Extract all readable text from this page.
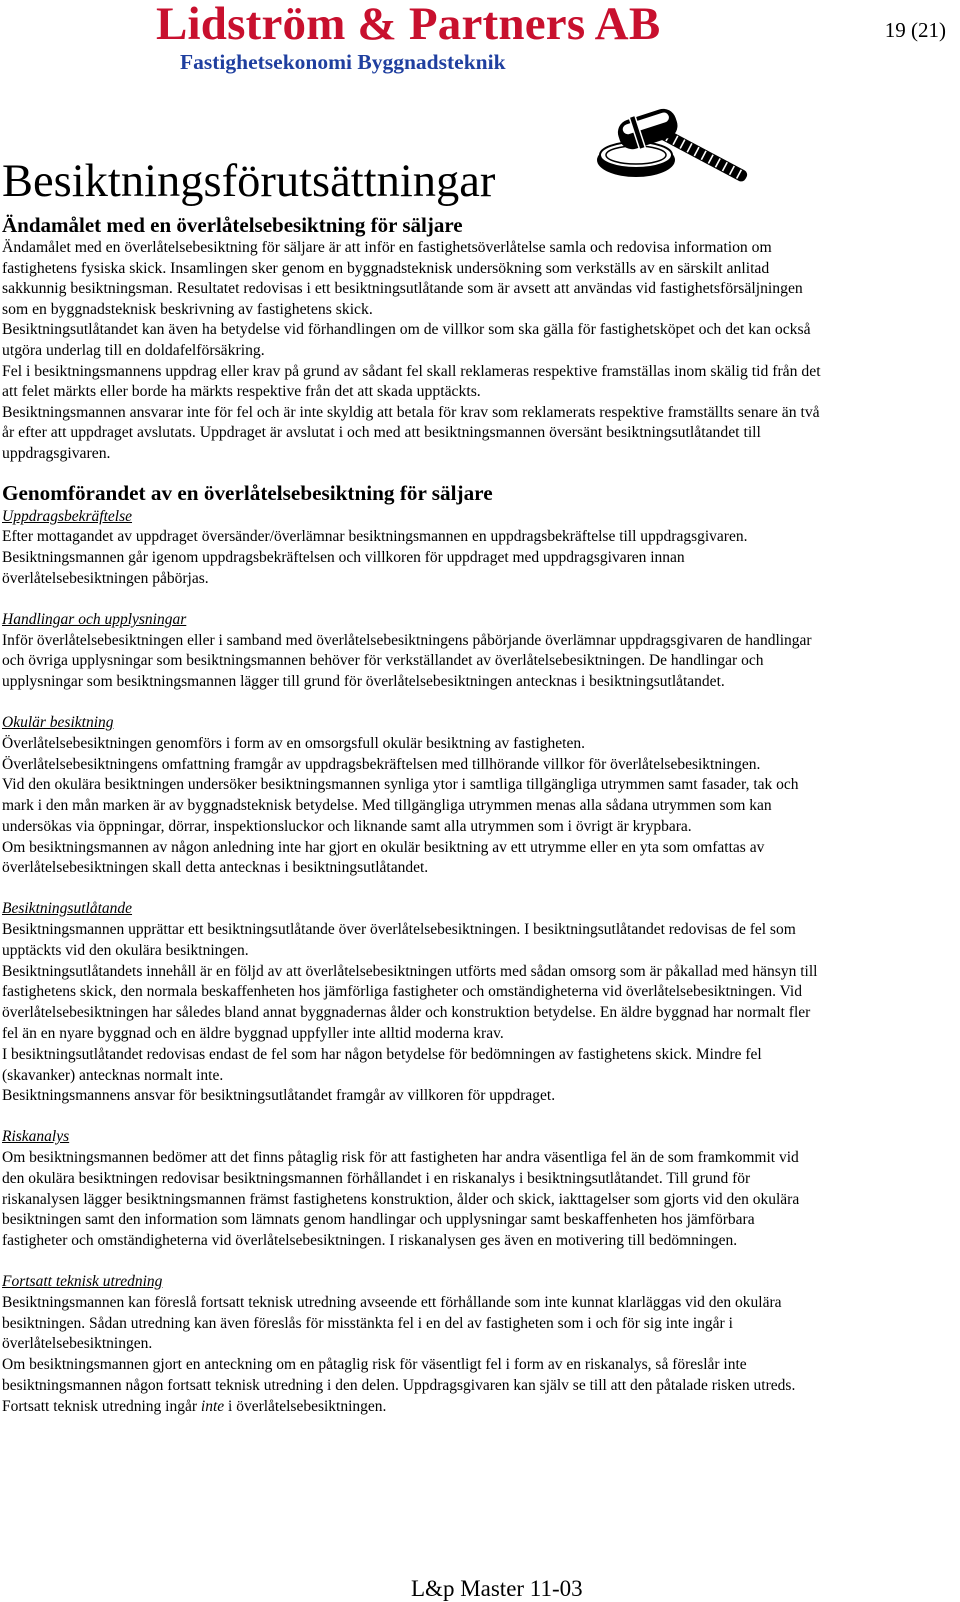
Lidström & Partners AB
Fastighetsekonomi Byggnadsteknik
19 (21)
Besiktningsförutsättningar
Ändamålet med en överlåtelsebesiktning för säljare
Ändamålet med en överlåtelsebesiktning för säljare är att inför en fastighetsöverlåtelse samla och redovisa information om fastighetens fysiska skick. Insamlingen sker genom en byggnadsteknisk undersökning som verkställs av en särskilt anlitad sakkunnig besiktningsman. Resultatet redovisas i ett besiktningsutlåtande som är avsett att användas vid fastighetsförsäljningen som en byggnadsteknisk beskrivning av fastighetens skick.
Besiktningsutlåtandet kan även ha betydelse vid förhandlingen om de villkor som ska gälla för fastighetsköpet och det kan också utgöra underlag till en doldafelförsäkring.
Fel i besiktningsmannens uppdrag eller krav på grund av sådant fel skall reklameras respektive framställas inom skälig tid från det att felet märkts eller borde ha märkts respektive från det att skada upptäckts.
Besiktningsmannen ansvarar inte för fel och är inte skyldig att betala för krav som reklamerats respektive framställts senare än två år efter att uppdraget avslutats. Uppdraget är avslutat i och med att besiktningsmannen översänt besiktningsutlåtandet till uppdragsgivaren.
Genomförandet av en överlåtelsebesiktning för säljare
Uppdragsbekräftelse
Efter mottagandet av uppdraget översänder/överlämnar besiktningsmannen en uppdragsbekräftelse till uppdragsgivaren. Besiktningsmannen går igenom uppdragsbekräftelsen och villkoren för uppdraget med uppdragsgivaren innan överlåtelsebesiktningen påbörjas.
Handlingar och upplysningar
Inför överlåtelsebesiktningen eller i samband med överlåtelsebesiktningens påbörjande överlämnar uppdragsgivaren de handlingar och övriga upplysningar som besiktningsmannen behöver för verkställandet av överlåtelsebesiktningen. De handlingar och upplysningar som besiktningsmannen lägger till grund för överlåtelsebesiktningen antecknas i besiktningsutlåtandet.
Okulär besiktning
Överlåtelsebesiktningen genomförs i form av en omsorgsfull okulär besiktning av fastigheten.
Överlåtelsebesiktningens omfattning framgår av uppdragsbekräftelsen med tillhörande villkor för överlåtelsebesiktningen.
Vid den okulära besiktningen undersöker besiktningsmannen synliga ytor i samtliga tillgängliga utrymmen samt fasader, tak och mark i den mån marken är av byggnadsteknisk betydelse. Med tillgängliga utrymmen menas alla sådana utrymmen som kan undersökas via öppningar, dörrar, inspektionsluckor och liknande samt alla utrymmen som i övrigt är krypbara.
Om besiktningsmannen av någon anledning inte har gjort en okulär besiktning av ett utrymme eller en yta som omfattas av överlåtelsebesiktningen skall detta antecknas i besiktningsutlåtandet.
Besiktningsutlåtande
Besiktningsmannen upprättar ett besiktningsutlåtande över överlåtelsebesiktningen. I besiktningsutlåtandet redovisas de fel som upptäckts vid den okulära besiktningen.
Besiktningsutlåtandets innehåll är en följd av att överlåtelsebesiktningen utförts med sådan omsorg som är påkallad med hänsyn till fastighetens skick, den normala beskaffenheten hos jämförliga fastigheter och omständigheterna vid överlåtelsebesiktningen. Vid överlåtelsebesiktningen har således bland annat byggnadernas ålder och konstruktion betydelse. En äldre byggnad har normalt fler fel än en nyare byggnad och en äldre byggnad uppfyller inte alltid moderna krav.
I besiktningsutlåtandet redovisas endast de fel som har någon betydelse för bedömningen av fastighetens skick. Mindre fel (skavanker) antecknas normalt inte.
Besiktningsmannens ansvar för besiktningsutlåtandet framgår av villkoren för uppdraget.
Riskanalys
Om besiktningsmannen bedömer att det finns påtaglig risk för att fastigheten har andra väsentliga fel än de som framkommit vid den okulära besiktningen redovisar besiktningsmannen förhållandet i en riskanalys i besiktningsutlåtandet. Till grund för riskanalysen lägger besiktningsmannen främst fastighetens konstruktion, ålder och skick, iakttagelser som gjorts vid den okulära besiktningen samt den information som lämnats genom handlingar och upplysningar samt beskaffenheten hos jämförbara fastigheter och omständigheterna vid överlåtelsebesiktningen. I riskanalysen ges även en motivering till bedömningen.
Fortsatt teknisk utredning
Besiktningsmannen kan föreslå fortsatt teknisk utredning avseende ett förhållande som inte kunnat klarläggas vid den okulära besiktningen. Sådan utredning kan även föreslås för misstänkta fel i en del av fastigheten som i och för sig inte ingår i överlåtelsebesiktningen.
Om besiktningsmannen gjort en anteckning om en påtaglig risk för väsentligt fel i form av en riskanalys, så föreslår inte besiktningsmannen någon fortsatt teknisk utredning i den delen. Uppdragsgivaren kan själv se till att den påtalade risken utreds.
Fortsatt teknisk utredning ingår inte i överlåtelsebesiktningen.
L&p Master 11-03
